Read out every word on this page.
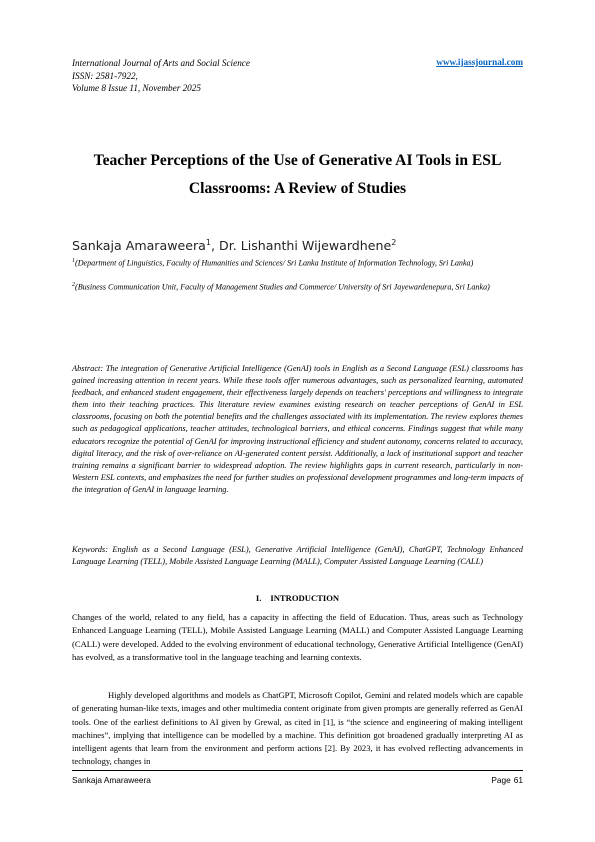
International Journal of Arts and Social Science
ISSN: 2581-7922,
Volume 8 Issue 11, November 2025
www.ijassjournal.com
Teacher Perceptions of the Use of Generative AI Tools in ESL
Classrooms: A Review of Studies
Sankaja Amaraweera$^1$, Dr. Lishanthi Wijewardhene$^2$
$^1$(Department of Linguistics, Faculty of Humanities and Sciences/ Sri Lanka Institute of Information Technology, Sri Lanka)
$^2$(Business Communication Unit, Faculty of Management Studies and Commerce/ University of Sri Jayewardenepura, Sri Lanka)
Abstract: The integration of Generative Artificial Intelligence (GenAI) tools in English as a Second Language (ESL) classrooms has gained increasing attention in recent years. While these tools offer numerous advantages, such as personalized learning, automated feedback, and enhanced student engagement, their effectiveness largely depends on teachers' perceptions and willingness to integrate them into their teaching practices. This literature review examines existing research on teacher perceptions of GenAI in ESL classrooms, focusing on both the potential benefits and the challenges associated with its implementation. The review explores themes such as pedagogical applications, teacher attitudes, technological barriers, and ethical concerns. Findings suggest that while many educators recognize the potential of GenAI for improving instructional efficiency and student autonomy, concerns related to accuracy, digital literacy, and the risk of over-reliance on AI-generated content persist. Additionally, a lack of institutional support and teacher training remains a significant barrier to widespread adoption. The review highlights gaps in current research, particularly in non-Western ESL contexts, and emphasizes the need for further studies on professional development programmes and long-term impacts of the integration of GenAI in language learning.
Keywords: English as a Second Language (ESL), Generative Artificial Intelligence (GenAI), ChatGPT, Technology Enhanced Language Learning (TELL), Mobile Assisted Language Learning (MALL), Computer Assisted Language Learning (CALL)
I. INTRODUCTION
Changes of the world, related to any field, has a capacity in affecting the field of Education. Thus, areas such as Technology Enhanced Language Learning (TELL), Mobile Assisted Language Learning (MALL) and Computer Assisted Language Learning (CALL) were developed. Added to the evolving environment of educational technology, Generative Artificial Intelligence (GenAI) has evolved, as a transformative tool in the language teaching and learning contexts.
Highly developed algorithms and models as ChatGPT, Microsoft Copilot, Gemini and related models which are capable of generating human-like texts, images and other multimedia content originate from given prompts are generally referred as GenAI tools. One of the earliest definitions to AI given by Grewal, as cited in [1], is “the science and engineering of making intelligent machines”, implying that intelligence can be modelled by a machine. This definition got broadened gradually interpreting AI as intelligent agents that learn from the environment and perform actions [2]. By 2023, it has evolved reflecting advancements in technology, changes in
Sankaja Amaraweera	Page 61
